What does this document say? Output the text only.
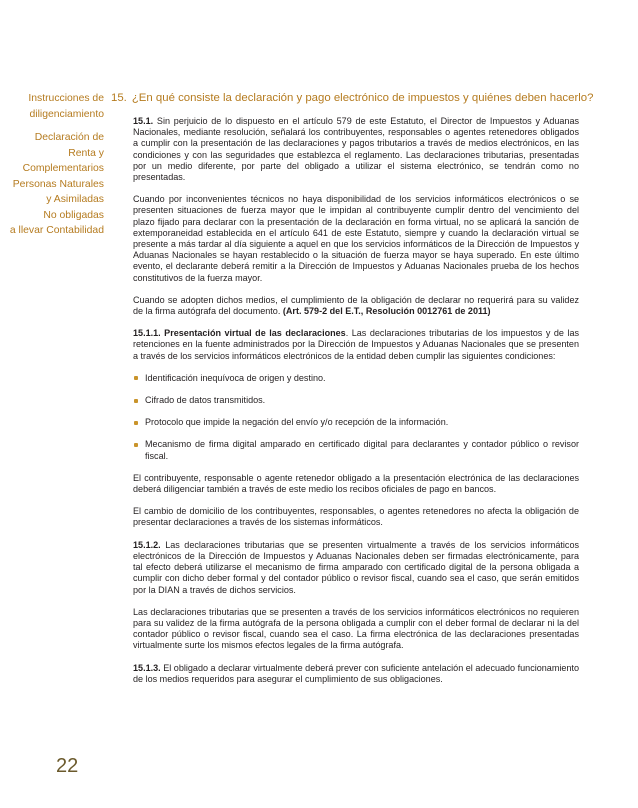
Instrucciones de
diligenciamiento
Declaración de
Renta y
Complementarios
Personas Naturales
y Asimiladas
No obligadas
a llevar Contabilidad
15. ¿En qué consiste la declaración y pago electrónico de impuestos y quiénes deben hacerlo?

15.1. Sin perjuicio de lo dispuesto en el artículo 579 de este Estatuto, el Director de Impuestos y Aduanas Nacionales, mediante resolución, señalará los contribuyentes, responsables o agentes retenedores obligados a cumplir con la presentación de las declaraciones y pagos tributarios a través de medios electrónicos, en las condiciones y con las seguridades que establezca el reglamento. Las declaraciones tributarias, presentadas por un medio diferente, por parte del obligado a utilizar el sistema electrónico, se tendrán como no presentadas.

Cuando por inconvenientes técnicos no haya disponibilidad de los servicios informáticos electrónicos o se presenten situaciones de fuerza mayor que le impidan al contribuyente cumplir dentro del vencimiento del plazo fijado para declarar con la presentación de la declaración en forma virtual, no se aplicará la sanción de extemporaneidad establecida en el artículo 641 de este Estatuto, siempre y cuando la declaración virtual se presente a más tardar al día siguiente a aquel en que los servicios informáticos de la Dirección de Impuestos y Aduanas Nacionales se hayan restablecido o la situación de fuerza mayor se haya superado. En este último evento, el declarante deberá remitir a la Dirección de Impuestos y Aduanas Nacionales prueba de los hechos constitutivos de la fuerza mayor.

Cuando se adopten dichos medios, el cumplimiento de la obligación de declarar no requerirá para su validez de la firma autógrafa del documento. (Art. 579-2 del E.T., Resolución 0012761 de 2011)

15.1.1. Presentación virtual de las declaraciones. Las declaraciones tributarias de los impuestos y de las retenciones en la fuente administrados por la Dirección de Impuestos y Aduanas Nacionales que se presenten a través de los servicios informáticos electrónicos de la entidad deben cumplir las siguientes condiciones:

Identificación inequívoca de origen y destino.
Cifrado de datos transmitidos.
Protocolo que impide la negación del envío y/o recepción de la información.
Mecanismo de firma digital amparado en certificado digital para declarantes y contador público o revisor fiscal.

El contribuyente, responsable o agente retenedor obligado a la presentación electrónica de las declaraciones deberá diligenciar también a través de este medio los recibos oficiales de pago en bancos.

El cambio de domicilio de los contribuyentes, responsables, o agentes retenedores no afecta la obligación de presentar declaraciones a través de los sistemas informáticos.

15.1.2. Las declaraciones tributarias que se presenten virtualmente a través de los servicios informáticos electrónicos de la Dirección de Impuestos y Aduanas Nacionales deben ser firmadas electrónicamente, para tal efecto deberá utilizarse el mecanismo de firma amparado con certificado digital de la persona obligada a cumplir con dicho deber formal y del contador público o revisor fiscal, cuando sea el caso, que serán emitidos por la DIAN a través de dichos servicios.

Las declaraciones tributarias que se presenten a través de los servicios informáticos electrónicos no requieren para su validez de la firma autógrafa de la persona obligada a cumplir con el deber formal de declarar ni la del contador público o revisor fiscal, cuando sea el caso. La firma electrónica de las declaraciones presentadas virtualmente surte los mismos efectos legales de la firma autógrafa.

15.1.3. El obligado a declarar virtualmente deberá prever con suficiente antelación el adecuado funcionamiento de los medios requeridos para asegurar el cumplimiento de sus obligaciones.

22
